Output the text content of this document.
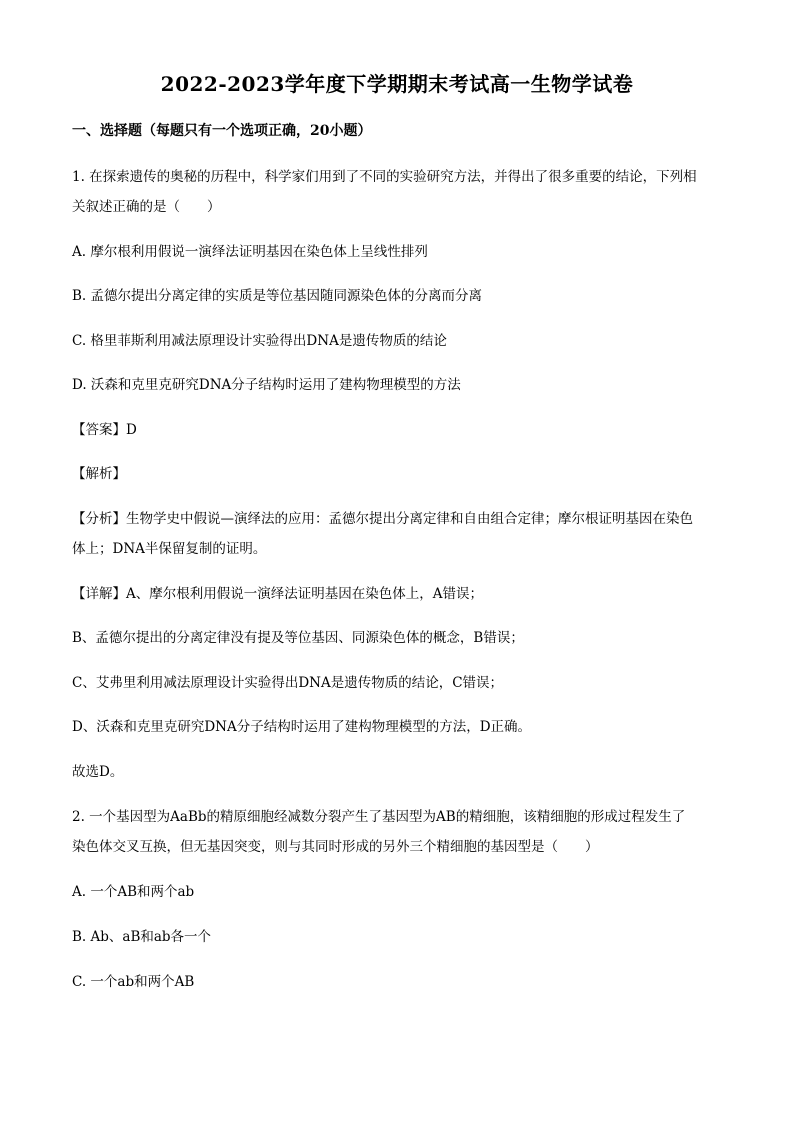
2022-2023学年度下学期期末考试高一生物学试卷

一、选择题（每题只有一个选项正确，20小题）

1. 在探索遗传的奥秘的历程中，科学家们用到了不同的实验研究方法，并得出了很多重要的结论，下列相

关叙述正确的是（　　）

A. 摩尔根利用假说一演绎法证明基因在染色体上呈线性排列

B. 孟德尔提出分离定律的实质是等位基因随同源染色体的分离而分离

C. 格里菲斯利用减法原理设计实验得出DNA是遗传物质的结论

D. 沃森和克里克研究DNA分子结构时运用了建构物理模型的方法

【答案】D

【解析】

【分析】生物学史中假说—演绎法的应用：孟德尔提出分离定律和自由组合定律；摩尔根证明基因在染色

体上；DNA半保留复制的证明。

【详解】A、摩尔根利用假说一演绎法证明基因在染色体上，A错误；

B、孟德尔提出的分离定律没有提及等位基因、同源染色体的概念，B错误；

C、艾弗里利用减法原理设计实验得出DNA是遗传物质的结论，C错误；

D、沃森和克里克研究DNA分子结构时运用了建构物理模型的方法，D正确。

故选D。

2. 一个基因型为AaBb的精原细胞经减数分裂产生了基因型为AB的精细胞，该精细胞的形成过程发生了

染色体交叉互换，但无基因突变，则与其同时形成的另外三个精细胞的基因型是（　　）

A. 一个AB和两个ab

B. Ab、aB和ab各一个

C. 一个ab和两个AB
